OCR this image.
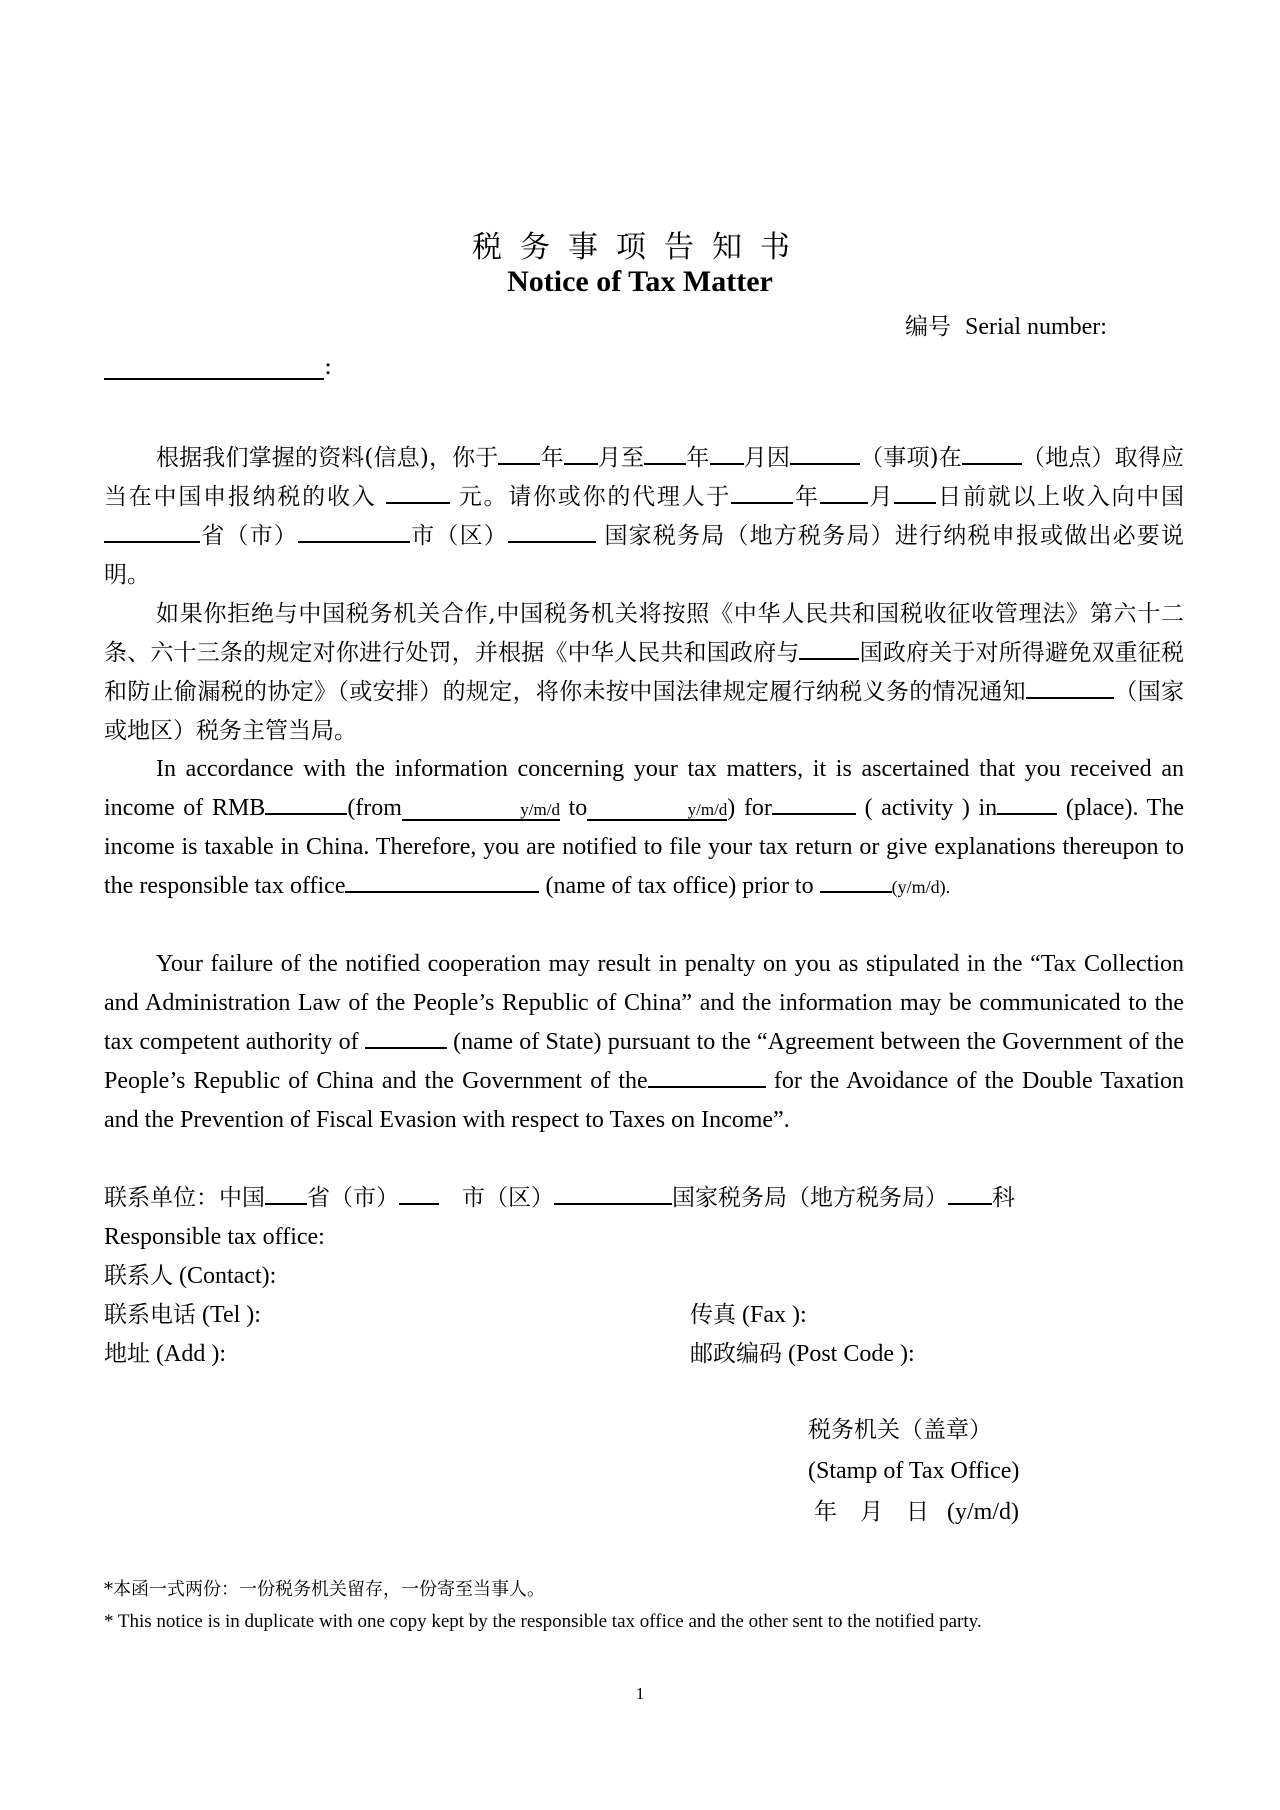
税务事项告知书
Notice of Tax Matter
编号 Serial number:
:
根据我们掌握的资料(信息)，你于 年 月至 年 月因	（事项)在	（地点）取得应当在中国申报纳税的收入	元。请你或你的代理人于	年 月 日前就以上收入向中国省（市）	市（区）	国家税务局（地方税务局）进行纳税申报或做出必要说明。
如果你拒绝与中国税务机关合作,中国税务机关将按照《中华人民共和国税收征收管理法》第六十二条、六十三条的规定对你进行处罚，并根据《中华人民共和国政府与	国政府关于对所得避免双重征税和防止偷漏税的协定》（或安排）的规定，将你未按中国法律规定履行纳税义务的情况通知	（国家或地区）税务主管当局。
In accordance with the information concerning your tax matters, it is ascertained that you received an income of RMB	(from	y/m/d to	y/m/d) for	( activity ) in	(place). The income is taxable in China. Therefore, you are notified to file your tax return or give explanations thereupon to the responsible tax office	(name of tax office) prior to	(y/m/d).
Your failure of the notified cooperation may result in penalty on you as stipulated in the “Tax Collection and Administration Law of the People’s Republic of China” and the information may be communicated to the tax competent authority of	(name of State) pursuant to the “Agreement between the Government of the People’s Republic of China and the Government of the	for the Avoidance of the Double Taxation and the Prevention of Fiscal Evasion with respect to Taxes on Income”.
联系单位：中国 省（市）　	市（区）	国家税务局（地方税务局） 科
Responsible tax office:
联系人 (Contact):
联系电话 (Tel ):	传真 (Fax ):
地址 (Add ):	邮政编码 (Post Code ):
税务机关（盖章）
(Stamp of Tax Office)
年　月　日 (y/m/d)
*本函一式两份：一份税务机关留存，一份寄至当事人。
* This notice is in duplicate with one copy kept by the responsible tax office and the other sent to the notified party.
1
